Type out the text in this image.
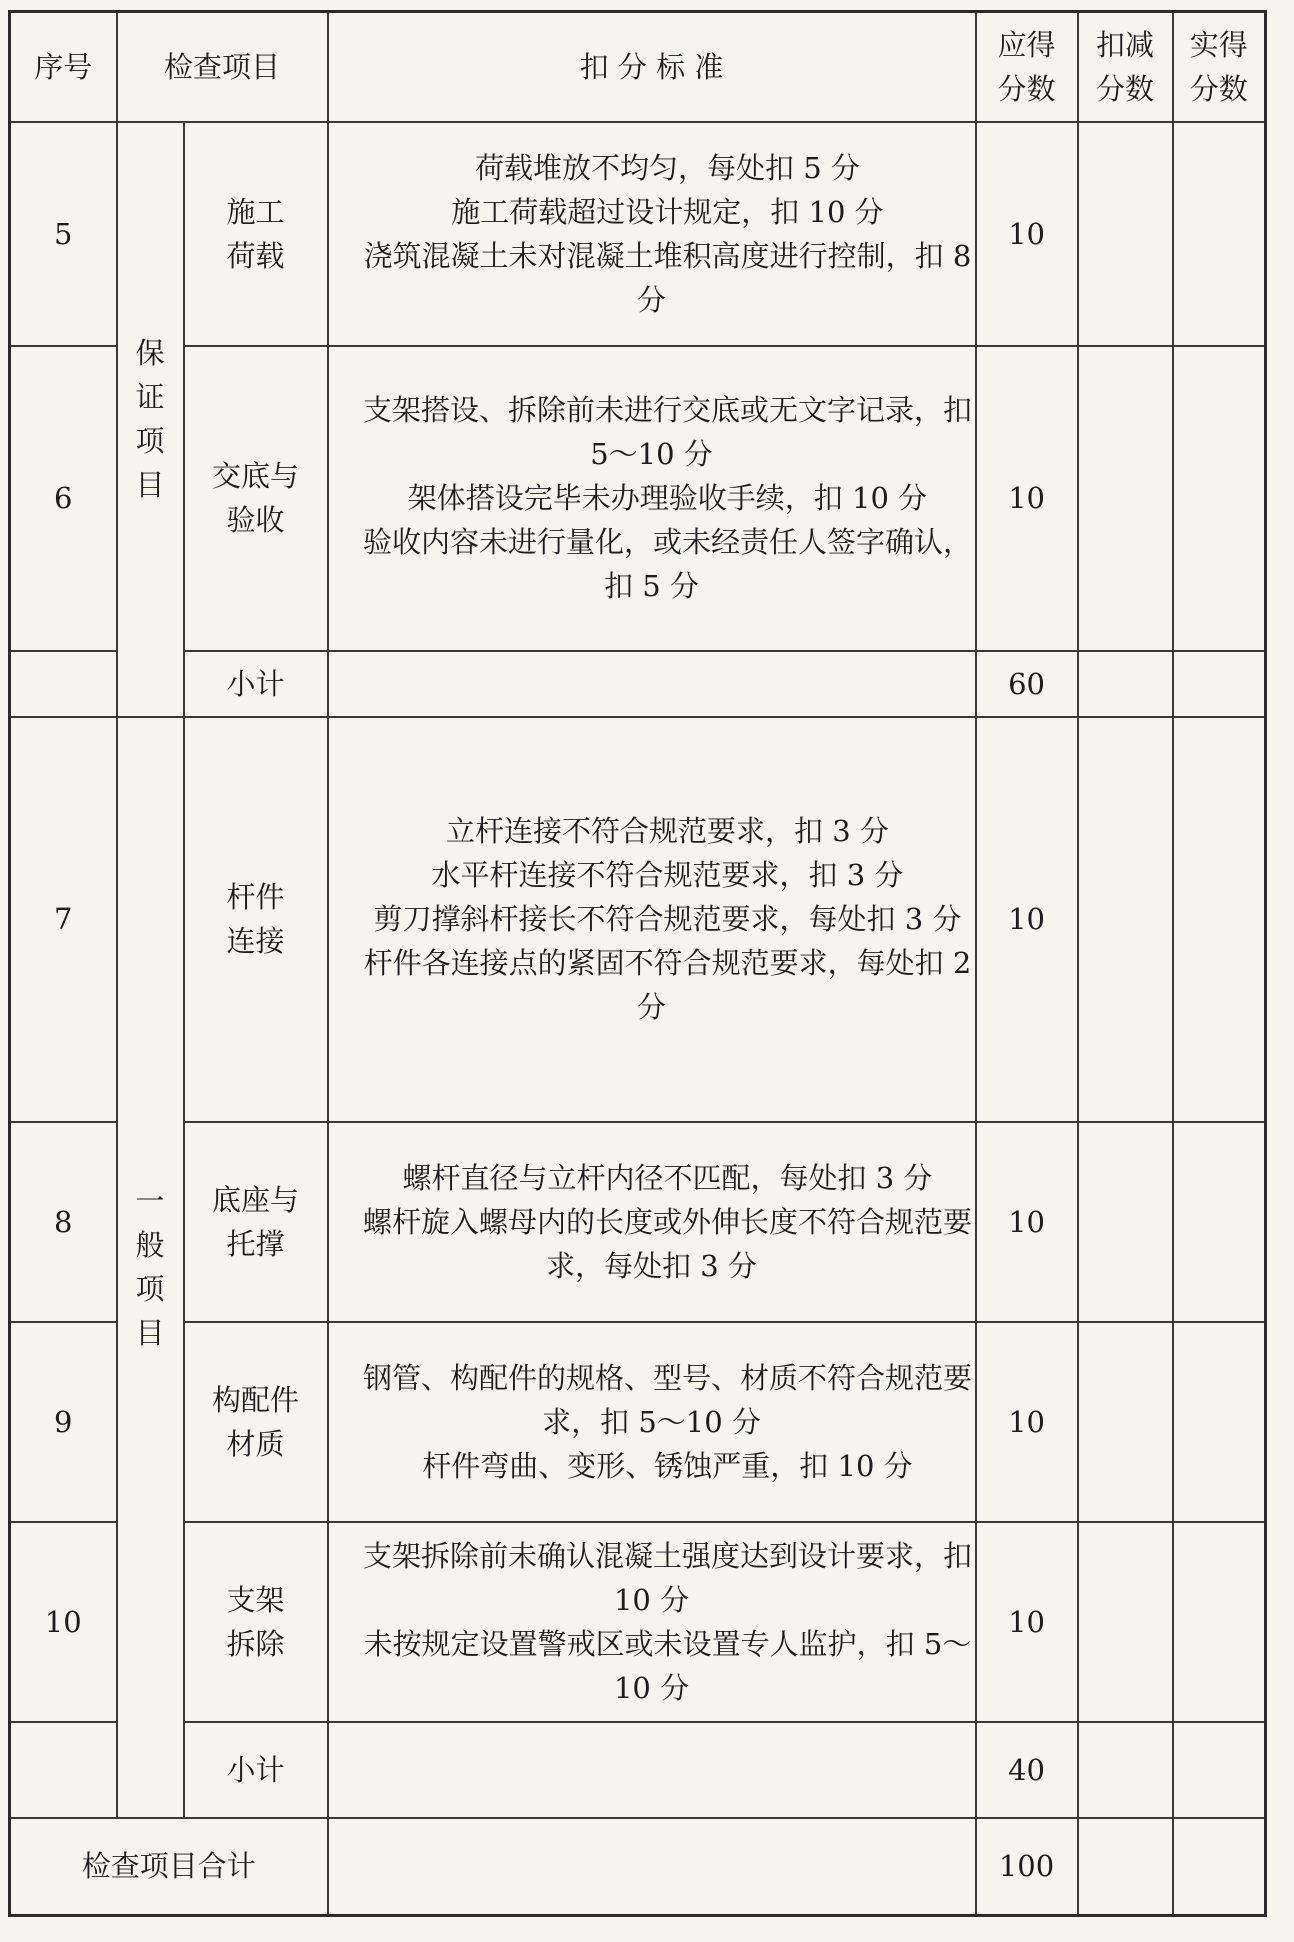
序号	检查项目		扣 分 标 准	应得分数	扣减分数	实得分数
5	保证项目	施工荷载	荷载堆放不均匀，每处扣 5 分
施工荷载超过设计规定，扣 10 分
浇筑混凝土未对混凝土堆积高度进行控制，扣 8 分	10		
6		交底与验收	支架搭设、拆除前未进行交底或无文字记录，扣 5～10 分
架体搭设完毕未办理验收手续，扣 10 分
验收内容未进行量化，或未经责任人签字确认，扣 5 分	10		
		小计		60		
7	一般项目	杆件连接	立杆连接不符合规范要求，扣 3 分
水平杆连接不符合规范要求，扣 3 分
剪刀撑斜杆接长不符合规范要求，每处扣 3 分
杆件各连接点的紧固不符合规范要求，每处扣 2 分	10		
8		底座与托撑	螺杆直径与立杆内径不匹配，每处扣 3 分
螺杆旋入螺母内的长度或外伸长度不符合规范要求，每处扣 3 分	10		
9		构配件材质	钢管、构配件的规格、型号、材质不符合规范要求，扣 5～10 分
杆件弯曲、变形、锈蚀严重，扣 10 分	10		
10		支架拆除	支架拆除前未确认混凝土强度达到设计要求，扣 10 分
未按规定设置警戒区或未设置专人监护，扣 5～10 分	10		
		小计		40		
检查项目合计				100		
